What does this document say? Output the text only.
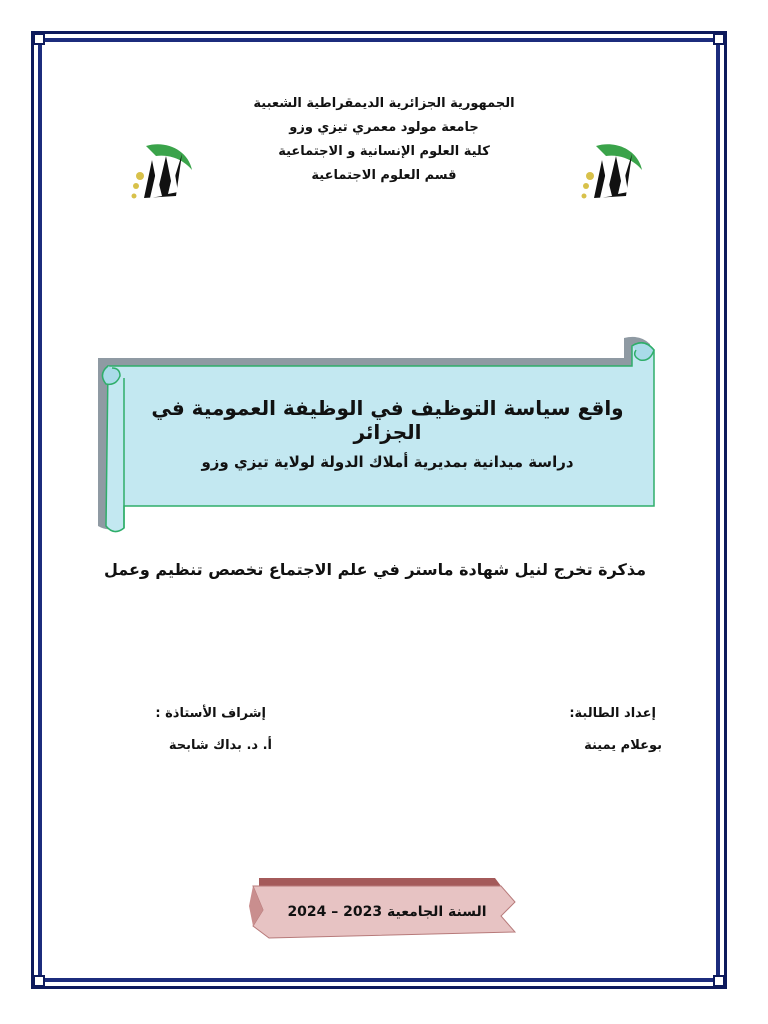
الجمهورية الجزائرية الديمقراطية الشعبية
جامعة مولود معمري تيزي وزو
كلية العلوم الإنسانية و الاجتماعية
قسم العلوم الاجتماعية
واقع سياسة التوظيف في الوظيفة العمومية في الجزائر
دراسة ميدانية بمديرية أملاك الدولة لولاية تيزي وزو
مذكرة تخرج لنيل شهادة ماستر في علم الاجتماع تخصص تنظيم وعمل
إعداد الطالبة:
بوعلام يمينة
إشراف الأستاذة :
أ. د. بداك شابحة
السنة الجامعية 2023 – 2024
